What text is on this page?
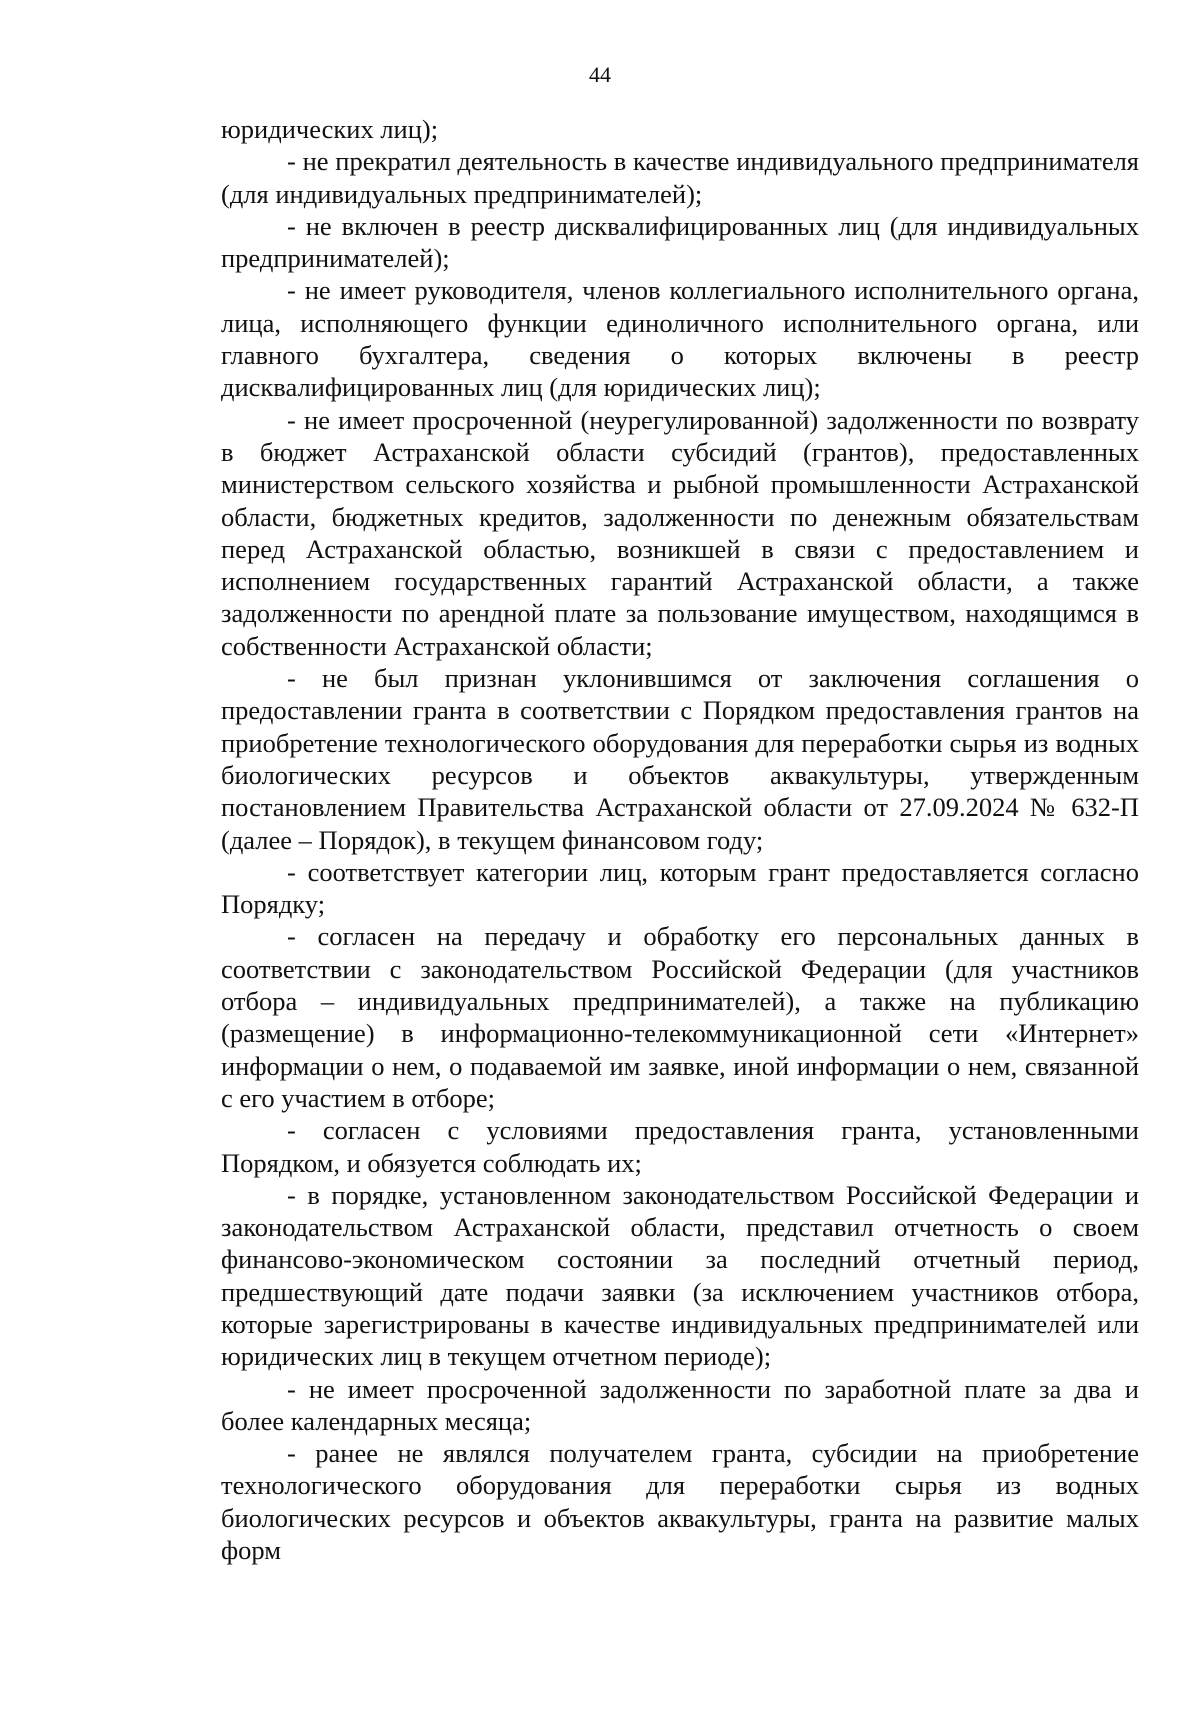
44

юридических лиц);

- не прекратил деятельность в качестве индивидуального предпринимателя (для индивидуальных предпринимателей);

- не включен в реестр дисквалифицированных лиц (для индивидуальных предпринимателей);

- не имеет руководителя, членов коллегиального исполнительного органа, лица, исполняющего функции единоличного исполнительного органа, или главного бухгалтера, сведения о которых включены в реестр дисквалифицированных лиц (для юридических лиц);

- не имеет просроченной (неурегулированной) задолженности по возврату в бюджет Астраханской области субсидий (грантов), предоставленных министерством сельского хозяйства и рыбной промышленности Астраханской области, бюджетных кредитов, задолженности по денежным обязательствам перед Астраханской областью, возникшей в связи с предоставлением и исполнением государственных гарантий Астраханской области, а также задолженности по арендной плате за пользование имуществом, находящимся в собственности Астраханской области;

- не был признан уклонившимся от заключения соглашения о предоставлении гранта в соответствии с Порядком предоставления грантов на приобретение технологического оборудования для переработки сырья из водных биологических ресурсов и объектов аквакультуры, утвержденным постановлением Правительства Астраханской области от 27.09.2024 № 632-П (далее – Порядок), в текущем финансовом году;

- соответствует категории лиц, которым грант предоставляется согласно Порядку;

- согласен на передачу и обработку его персональных данных в соответствии с законодательством Российской Федерации (для участников отбора – индивидуальных предпринимателей), а также на публикацию (размещение) в информационно-телекоммуникационной сети «Интернет» информации о нем, о подаваемой им заявке, иной информации о нем, связанной с его участием в отборе;

- согласен с условиями предоставления гранта, установленными Порядком, и обязуется соблюдать их;

- в порядке, установленном законодательством Российской Федерации и законодательством Астраханской области, представил отчетность о своем финансово-экономическом состоянии за последний отчетный период, предшествующий дате подачи заявки (за исключением участников отбора, которые зарегистрированы в качестве индивидуальных предпринимателей или юридических лиц в текущем отчетном периоде);

- не имеет просроченной задолженности по заработной плате за два и более календарных месяца;

- ранее не являлся получателем гранта, субсидии на приобретение технологического оборудования для переработки сырья из водных биологических ресурсов и объектов аквакультуры, гранта на развитие малых форм
